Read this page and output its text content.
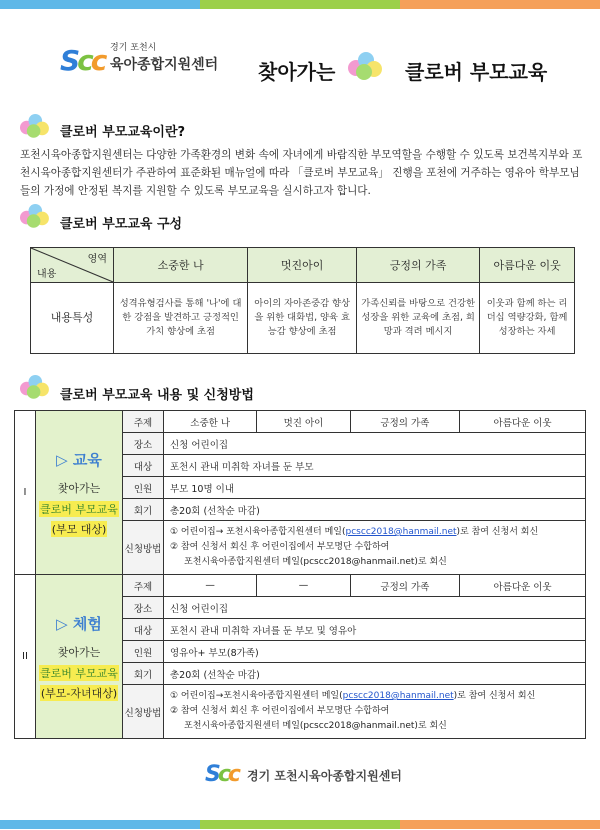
Scc 경기 포천시
육아종합지원센터 찾아가는	클로버 부모교육
클로버 부모교육이란?
포천시육아종합지원센터는 다양한 가족환경의 변화 속에 자녀에게 바람직한 부모역할을 수행할 수 있도록 보건복지부와 포천시육아종합지원센터가 주관하여 표준화된 매뉴얼에 따라 「클로버 부모교육」 진행을 포천에 거주하는 영유아 학부모님들의 가정에 안정된 복지를 지원할 수 있도록 부모교육을 실시하고자 합니다.
클로버 부모교육 구성
영역
내용	소중한 나	멋진아이	긍정의 가족	아름다운 이웃
내용특성	성격유형검사를 통해 '나'에 대한 강점을 발견하고 긍정적인 가치 향상에 초점	아이의 자아존중감 향상을 위한 대화법, 양육 효능감 향상에 초점	가족신뢰를 바탕으로 건강한 성장을 위한 교육에 초점, 희망과 격려 메시지	이웃과 함께 하는 리더십 역량강화, 함께 성장하는 자세
클로버 부모교육 내용 및 신청방법
I	▷ 교육
찾아가는
클로버 부모교육
(부모 대상)	주제	소중한 나	멋진 아이	긍정의 가족	아름다운 이웃
		장소	신청 어린이집			
		대상	포천시 관내 미취학 자녀를 둔 부모			
		인원	부모 10명 이내			
		회기	총20회 (선착순 마감)			
		신청방법	① 어린이집→ 포천시육아종합지원센터 메일(pcscc2018@hanmail.net)로 참여 신청서 회신
② 참여 신청서 회신 후 어린이집에서 부모명단 수합하여
포천시육아종합지원센터 메일(pcscc2018@hanmail.net)로 회신			

II	▷ 체험
찾아가는
클로버 부모교육
(부모-자녀대상)	주제	—	—	긍정의 가족	아름다운 이웃
		장소	신청 어린이집			
		대상	포천시 관내 미취학 자녀를 둔 부모 및 영유아			
		인원	영유아+ 부모(8가족)			
		회기	총20회 (선착순 마감)			
		신청방법	① 어린이집→포천시육아종합지원센터 메일(pcscc2018@hanmail.net)로 참여 신청서 회신
② 참여 신청서 회신 후 어린이집에서 부모명단 수합하여
포천시육아종합지원센터 메일(pcscc2018@hanmail.net)로 회신			
Scc 경기 포천시육아종합지원센터
